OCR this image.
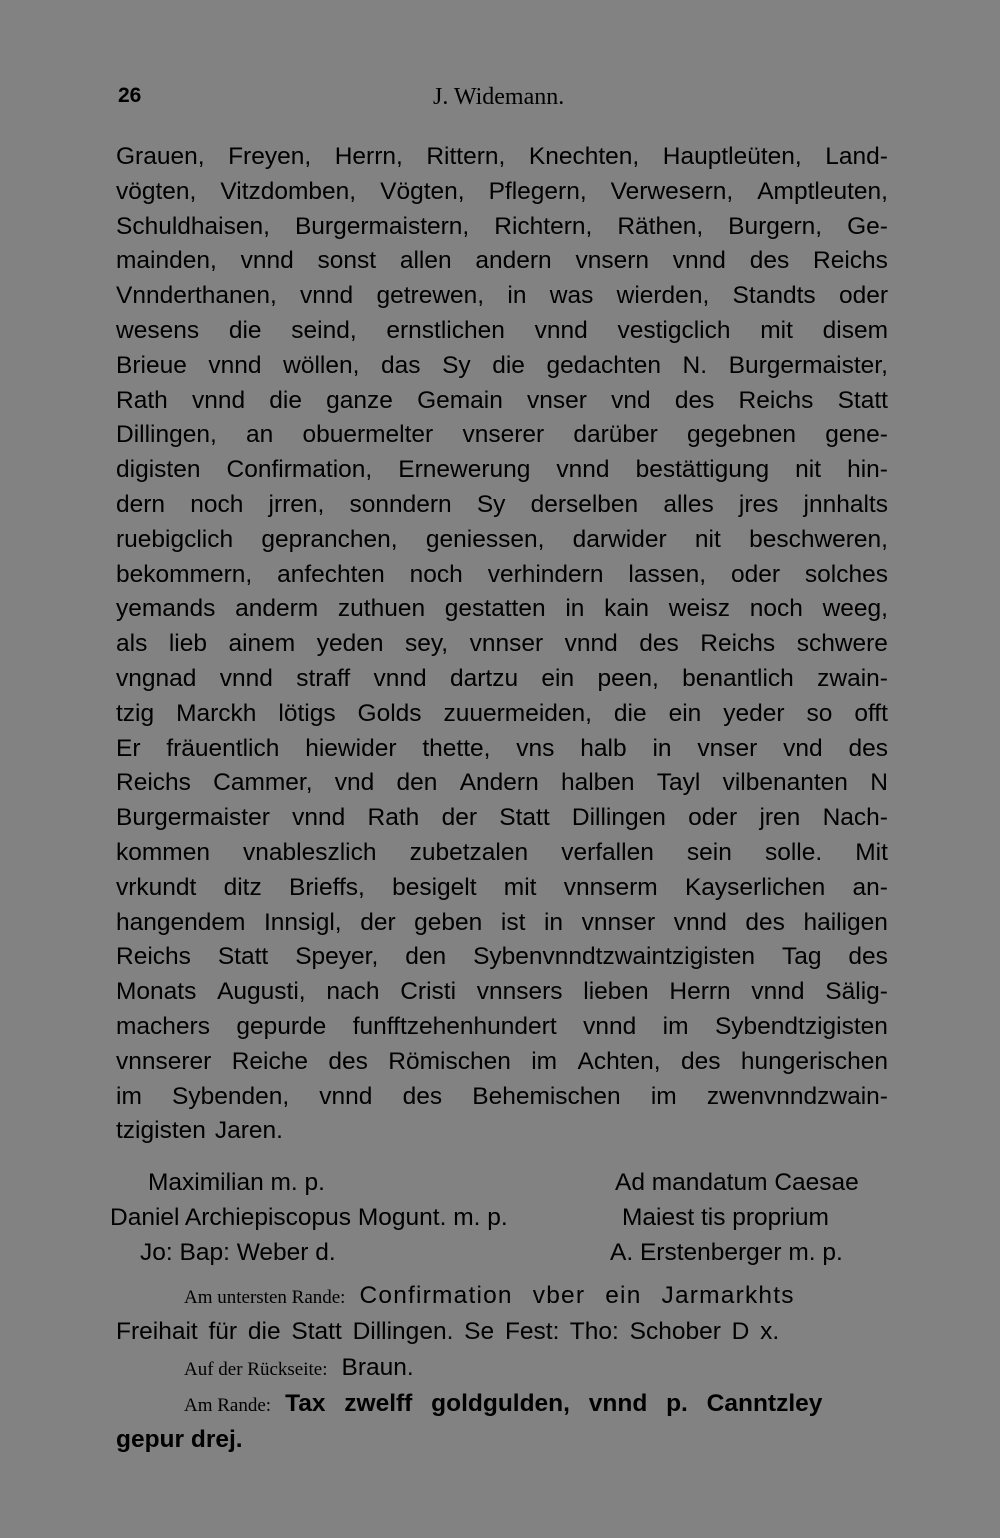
26	J. Widemann.
Grauen, Freyen, Herrn, Rittern, Knechten, Hauptleüten, Land-
vögten, Vitzdomben, Vögten, Pflegern, Verwesern, Amptleuten,
Schuldhaisen, Burgermaistern, Richtern, Räthen, Burgern, Ge-
mainden, vnnd sonst allen andern vnsern vnnd des Reichs
Vnnderthanen, vnnd getrewen, in was wierden, Standts oder
wesens die seind, ernstlichen vnnd vestigclich mit disem
Brieue vnnd wöllen, das Sy die gedachten N. Burgermaister,
Rath vnnd die ganze Gemain vnser vnd des Reichs Statt
Dillingen, an obuermelter vnserer darüber gegebnen gene-
digisten Confirmation, Ernewerung vnnd bestättigung nit hin-
dern noch jrren, sonndern Sy derselben alles jres jnnhalts
ruebigclich gepranchen, geniessen, darwider nit beschweren,
bekommern, anfechten noch verhindern lassen, oder solches
yemands anderm zuthuen gestatten in kain weisz noch weeg,
als lieb ainem yeden sey, vnnser vnnd des Reichs schwere
vngnad vnnd straff vnnd dartzu ein peen, benantlich zwain-
tzig Marckh lötigs Golds zuuermeiden, die ein yeder so offt
Er fräuentlich hiewider thette, vns halb in vnser vnd des
Reichs Cammer, vnd den Andern halben Tayl vilbenanten N
Burgermaister vnnd Rath der Statt Dillingen oder jren Nach-
kommen vnableszlich zubetzalen verfallen sein solle. Mit
vrkundt ditz Brieffs, besigelt mit vnnserm Kayserlichen an-
hangendem Innsigl, der geben ist in vnnser vnnd des hailigen
Reichs Statt Speyer, den Sybenvnndtzwaintzigisten Tag des
Monats Augusti, nach Cristi vnnsers lieben Herrn vnnd Sälig-
machers gepurde funfftzehenhundert vnnd im Sybendtzigisten
vnnserer Reiche des Römischen im Achten, des hungerischen
im Sybenden, vnnd des Behemischen im zwenvnndzwain-
tzigisten Jaren.
Maximilian m. p.	Ad mandatum Caesae
Daniel Archiepiscopus Mogunt. m. p.	Maiest tis proprium
Jo: Bap: Weber d.	A. Erstenberger m. p.
Am untersten Rande: Confirmation vber ein Jarmarkhts
Freihait für die Statt Dillingen. Se Fest: Tho: Schober D x.
Auf der Rückseite: Braun.
Am Rande: Tax zwelff goldgulden, vnnd p. Canntzley
gepur drej.
